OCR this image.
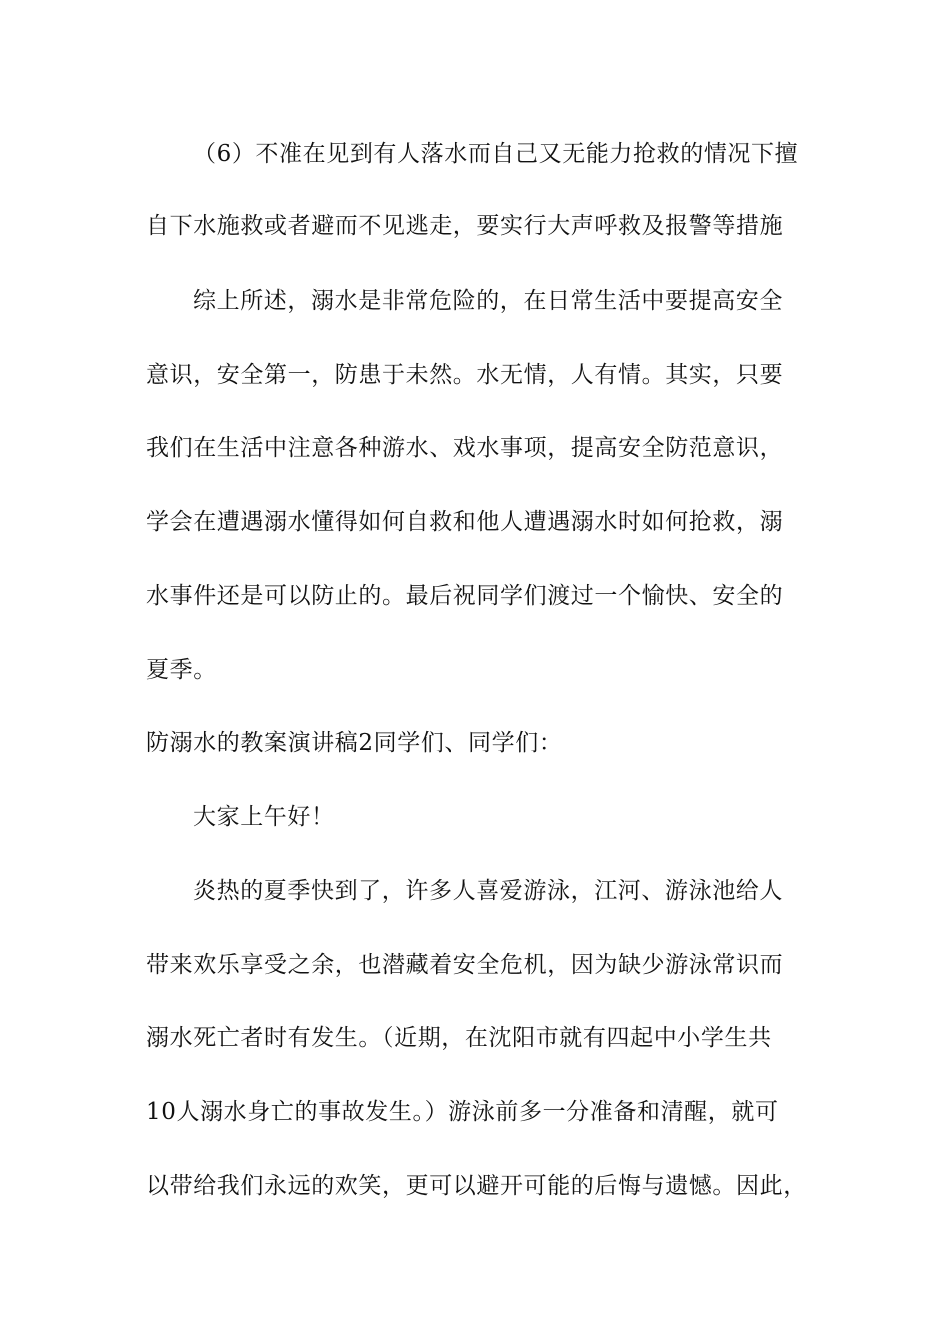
（6）不准在见到有人落水而自己又无能力抢救的情况下擅
自下水施救或者避而不见逃走，要实行大声呼救及报警等措施
综上所述，溺水是非常危险的，在日常生活中要提高安全
意识，安全第一，防患于未然。水无情，人有情。其实，只要
我们在生活中注意各种游水、戏水事项，提高安全防范意识，
学会在遭遇溺水懂得如何自救和他人遭遇溺水时如何抢救，溺
水事件还是可以防止的。最后祝同学们渡过一个愉快、安全的
夏季。
防溺水的教案演讲稿2同学们、同学们：
大家上午好！
炎热的夏季快到了，许多人喜爱游泳，江河、游泳池给人
带来欢乐享受之余，也潜藏着安全危机，因为缺少游泳常识而
溺水死亡者时有发生。（近期，在沈阳市就有四起中小学生共
10人溺水身亡的事故发生。）游泳前多一分准备和清醒，就可
以带给我们永远的欢笑，更可以避开可能的后悔与遗憾。因此，
